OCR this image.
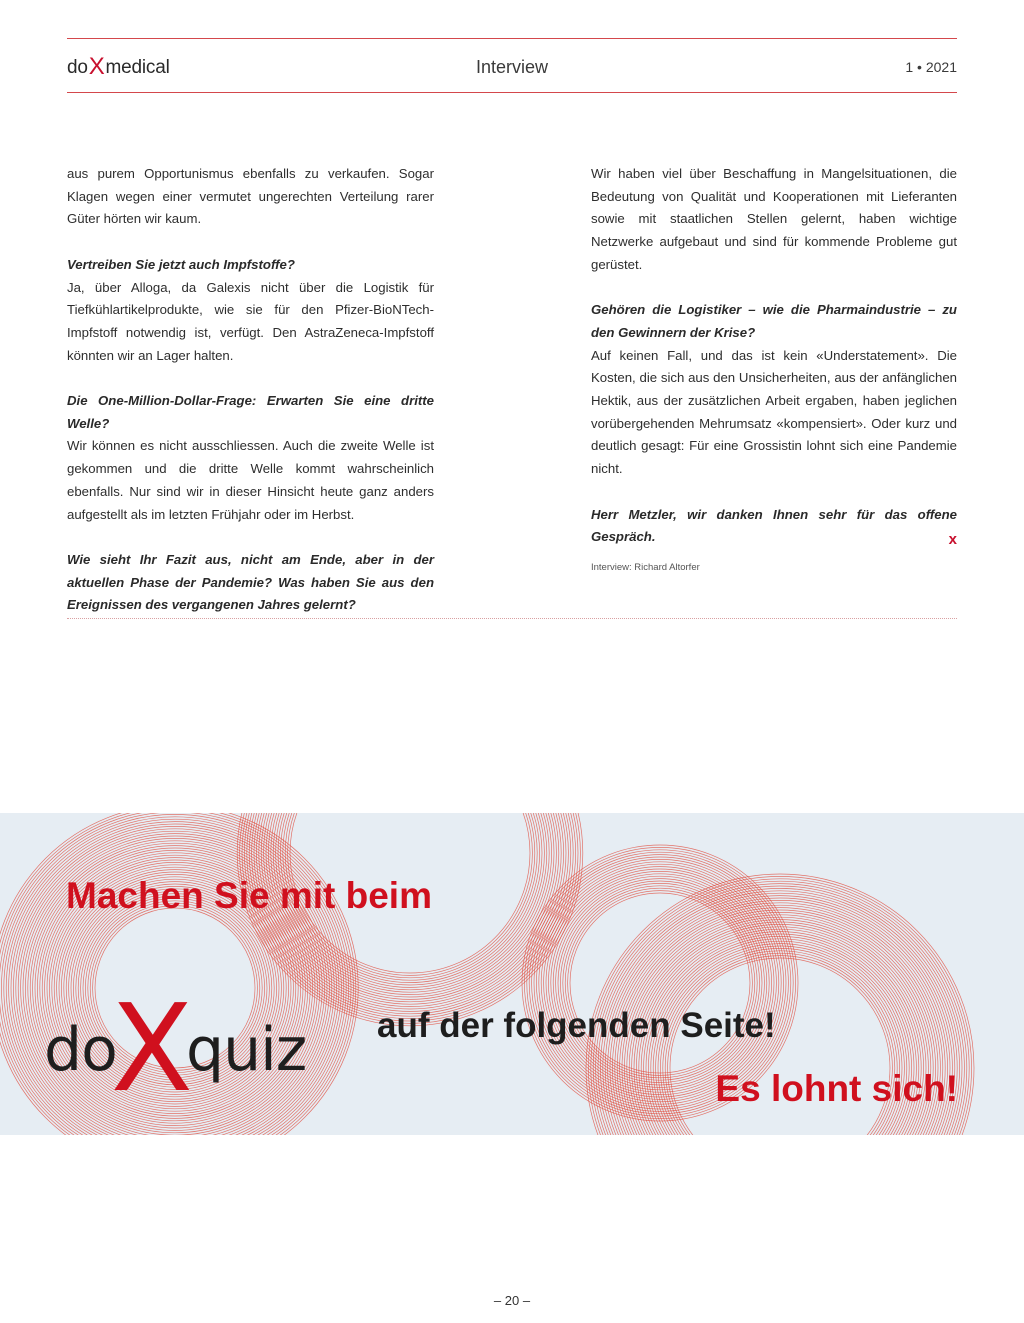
doXmedical	Interview	1 • 2021

aus purem Opportunismus ebenfalls zu verkaufen. Sogar Klagen wegen einer vermutet ungerechten Verteilung rarer Güter hörten wir kaum.

Vertreiben Sie jetzt auch Impfstoffe?

Ja, über Alloga, da Galexis nicht über die Logistik für Tiefkühlartikelprodukte, wie sie für den Pfizer-BioNTech-Impfstoff notwendig ist, verfügt. Den AstraZeneca-Impfstoff könnten wir an Lager halten.

Die One-Million-Dollar-Frage: Erwarten Sie eine dritte Welle?

Wir können es nicht ausschliessen. Auch die zweite Welle ist gekommen und die dritte Welle kommt wahrscheinlich ebenfalls. Nur sind wir in dieser Hinsicht heute ganz anders aufgestellt als im letzten Frühjahr oder im Herbst.

Wie sieht Ihr Fazit aus, nicht am Ende, aber in der aktuellen Phase der Pandemie? Was haben Sie aus den Ereignissen des vergangenen Jahres gelernt?

Wir haben viel über Beschaffung in Mangelsituationen, die Bedeutung von Qualität und Kooperationen mit Lieferanten sowie mit staatlichen Stellen gelernt, haben wichtige Netzwerke aufgebaut und sind für kommende Probleme gut gerüstet.

Gehören die Logistiker – wie die Pharmaindustrie – zu den Gewinnern der Krise?

Auf keinen Fall, und das ist kein «Understatement». Die Kosten, die sich aus den Unsicherheiten, aus der anfänglichen Hektik, aus der zusätzlichen Arbeit ergaben, haben jeglichen vorübergehenden Mehrumsatz «kompensiert». Oder kurz und deutlich gesagt: Für eine Grossistin lohnt sich eine Pandemie nicht.

Herr Metzler, wir danken Ihnen sehr für das offene Gespräch.	x
Interview: Richard Altorfer
Machen Sie mit beim
doXquiz auf der folgenden Seite!
Es lohnt sich!
– 20 –
